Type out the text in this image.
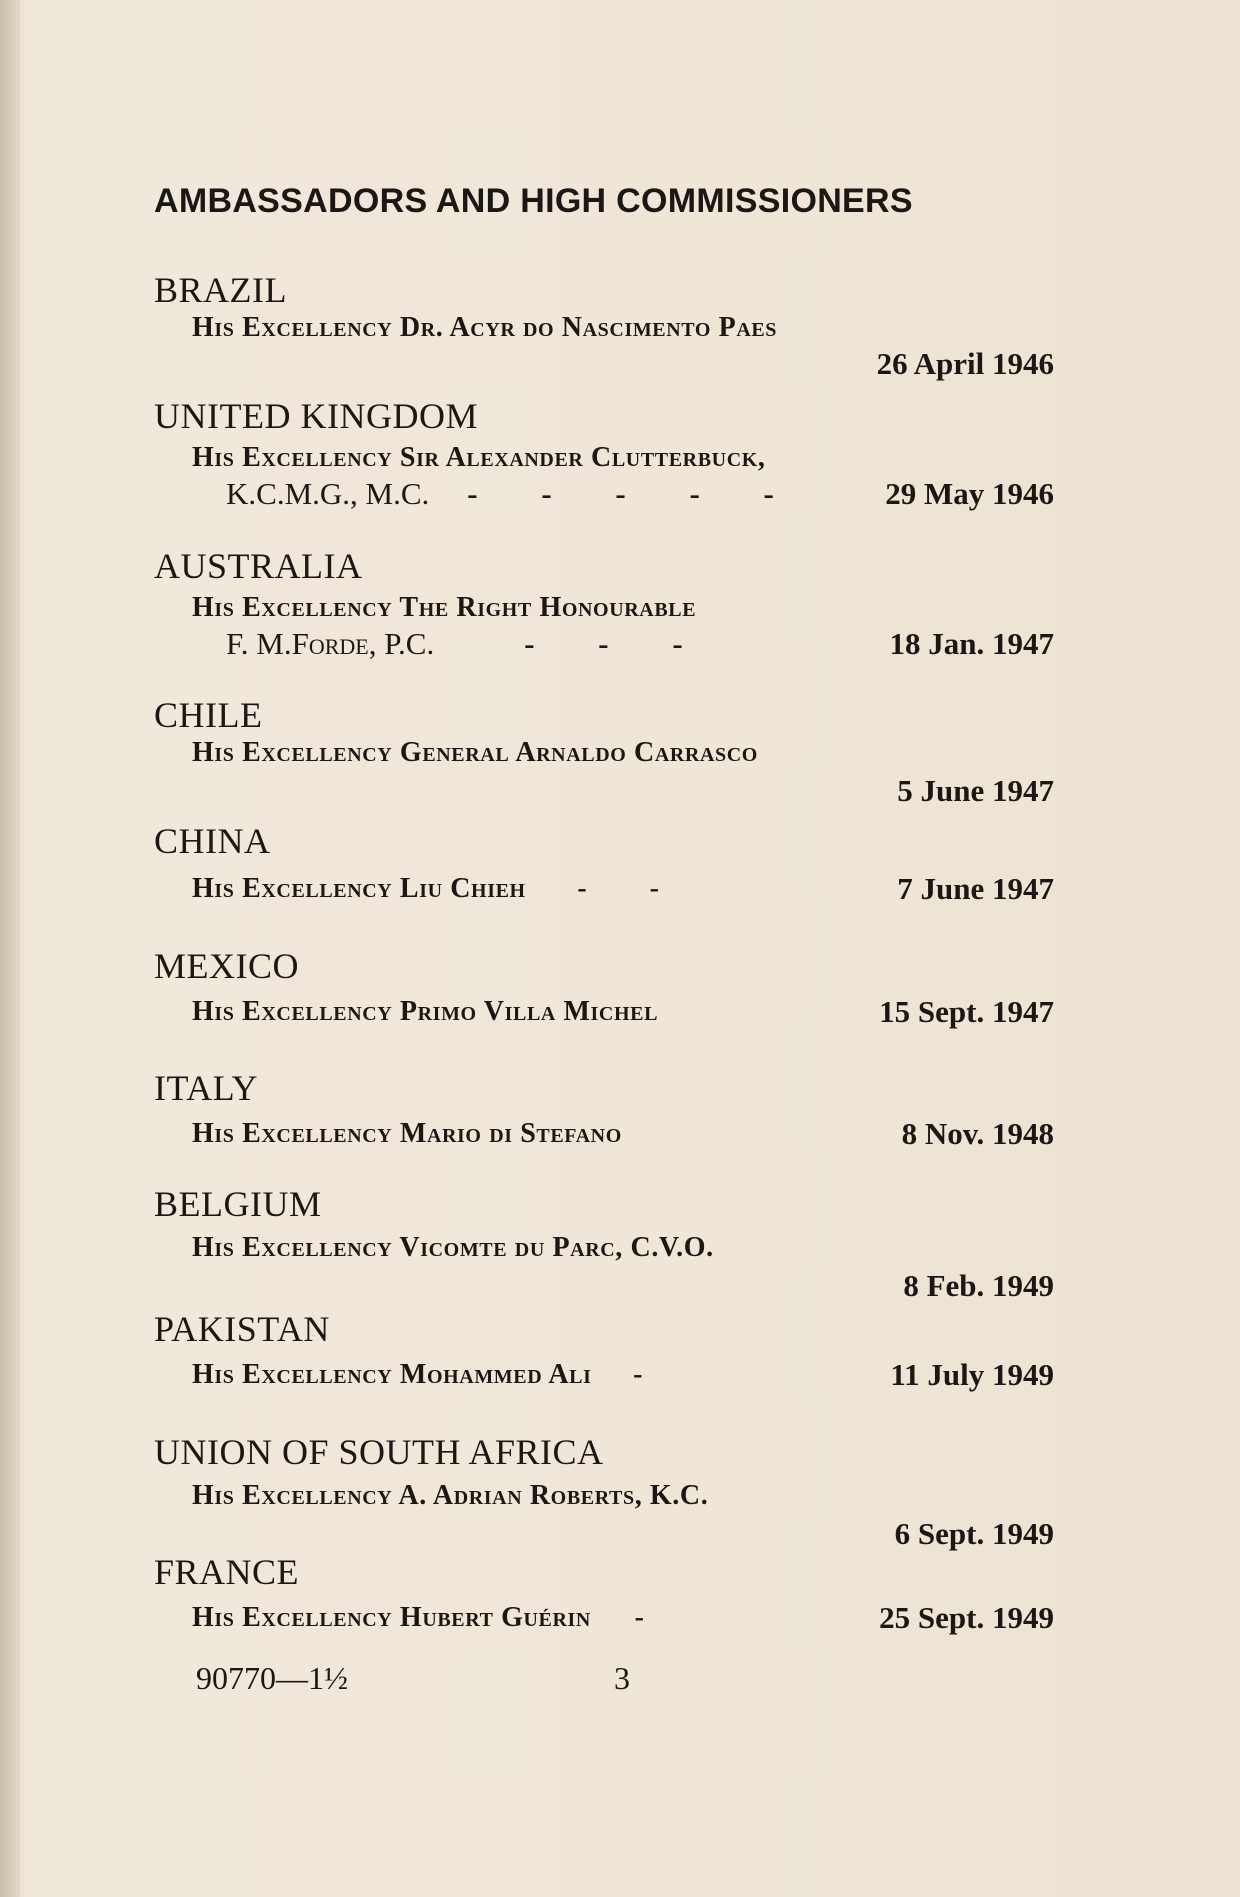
AMBASSADORS AND HIGH COMMISSIONERS
BRAZIL
His Excellency Dr. Acyr do Nascimento Paes
26 April 1946
UNITED KINGDOM
His Excellency Sir Alexander Clutterbuck,
K.C.M.G., M.C. - - - - -	29 May 1946
AUSTRALIA
His Excellency The Right Honourable
F. M. Forde , P.C.	- - -	18 Jan. 1947
CHILE
His Excellency General Arnaldo Carrasco
5 June 1947
CHINA
His Excellency Liu Chieh - -	7 June 1947
MEXICO
His Excellency Primo Villa Michel	15 Sept. 1947
ITALY
His Excellency Mario di Stefano	8 Nov. 1948
BELGIUM
His Excellency Vicomte du Parc, C.V.O.
8 Feb. 1949
PAKISTAN
His Excellency Mohammed Ali -	11 July 1949
UNION OF SOUTH AFRICA
His Excellency A. Adrian Roberts, K.C.
6 Sept. 1949
FRANCE
His Excellency Hubert Guérin -	25 Sept. 1949
90770—1½	3
